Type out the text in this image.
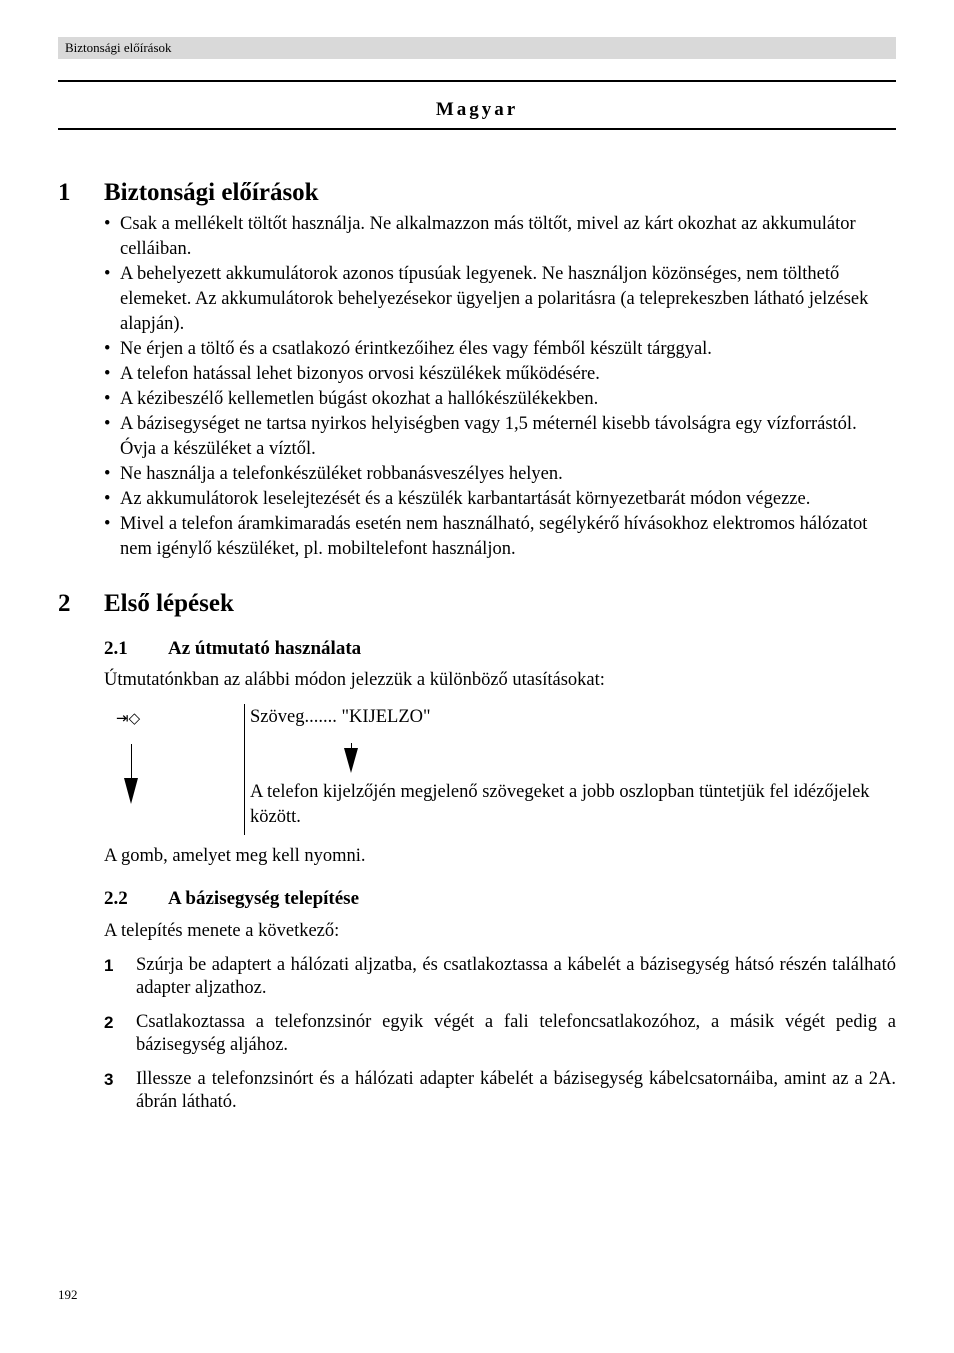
Biztonsági előírások
Magyar
1 Biztonsági előírások
• Csak a mellékelt töltőt használja. Ne alkalmazzon más töltőt, mivel az kárt okozhat az akkumulátor celláiban.
• A behelyezett akkumulátorok azonos típusúak legyenek. Ne használjon közönséges, nem tölthető elemeket. Az akkumulátorok behelyezésekor ügyeljen a polaritásra (a teleprekeszben látható jelzések alapján).
• Ne érjen a töltő és a csatlakozó érintkezőihez éles vagy fémből készült tárggyal.
• A telefon hatással lehet bizonyos orvosi készülékek működésére.
• A kézibeszélő kellemetlen búgást okozhat a hallókészülékekben.
• A bázisegységet ne tartsa nyirkos helyiségben vagy 1,5 méternél kisebb távolságra egy vízforrástól. Óvja a készüléket a víztől.
• Ne használja a telefonkészüléket robbanásveszélyes helyen.
• Az akkumulátorok leselejtezését és a készülék karbantartását környezetbarát módon végezze.
• Mivel a telefon áramkimaradás esetén nem használható, segélykérő hívásokhoz elektromos hálózatot nem igénylő készüléket, pl. mobiltelefont használjon.
2 Első lépések
2.1 Az útmutató használata
Útmutatónkban az alábbi módon jelezzük a különböző utasításokat:
⇥◇	Szöveg....... "KIJELZO"
A telefon kijelzőjén megjelenő szövegeket a jobb oszlopban tüntetjük fel idézőjelek között.
A gomb, amelyet meg kell nyomni.
2.2 A bázisegység telepítése
A telepítés menete a következő:
1 Szúrja be adaptert a hálózati aljzatba, és csatlakoztassa a kábelét a bázisegység hátsó részén található adapter aljzathoz.
2 Csatlakoztassa a telefonzsinór egyik végét a fali telefoncsatlakozóhoz, a másik végét pedig a bázisegység aljához.
3 Illessze a telefonzsinórt és a hálózati adapter kábelét a bázisegység kábelcsatornáiba, amint az a 2A. ábrán látható.
192
